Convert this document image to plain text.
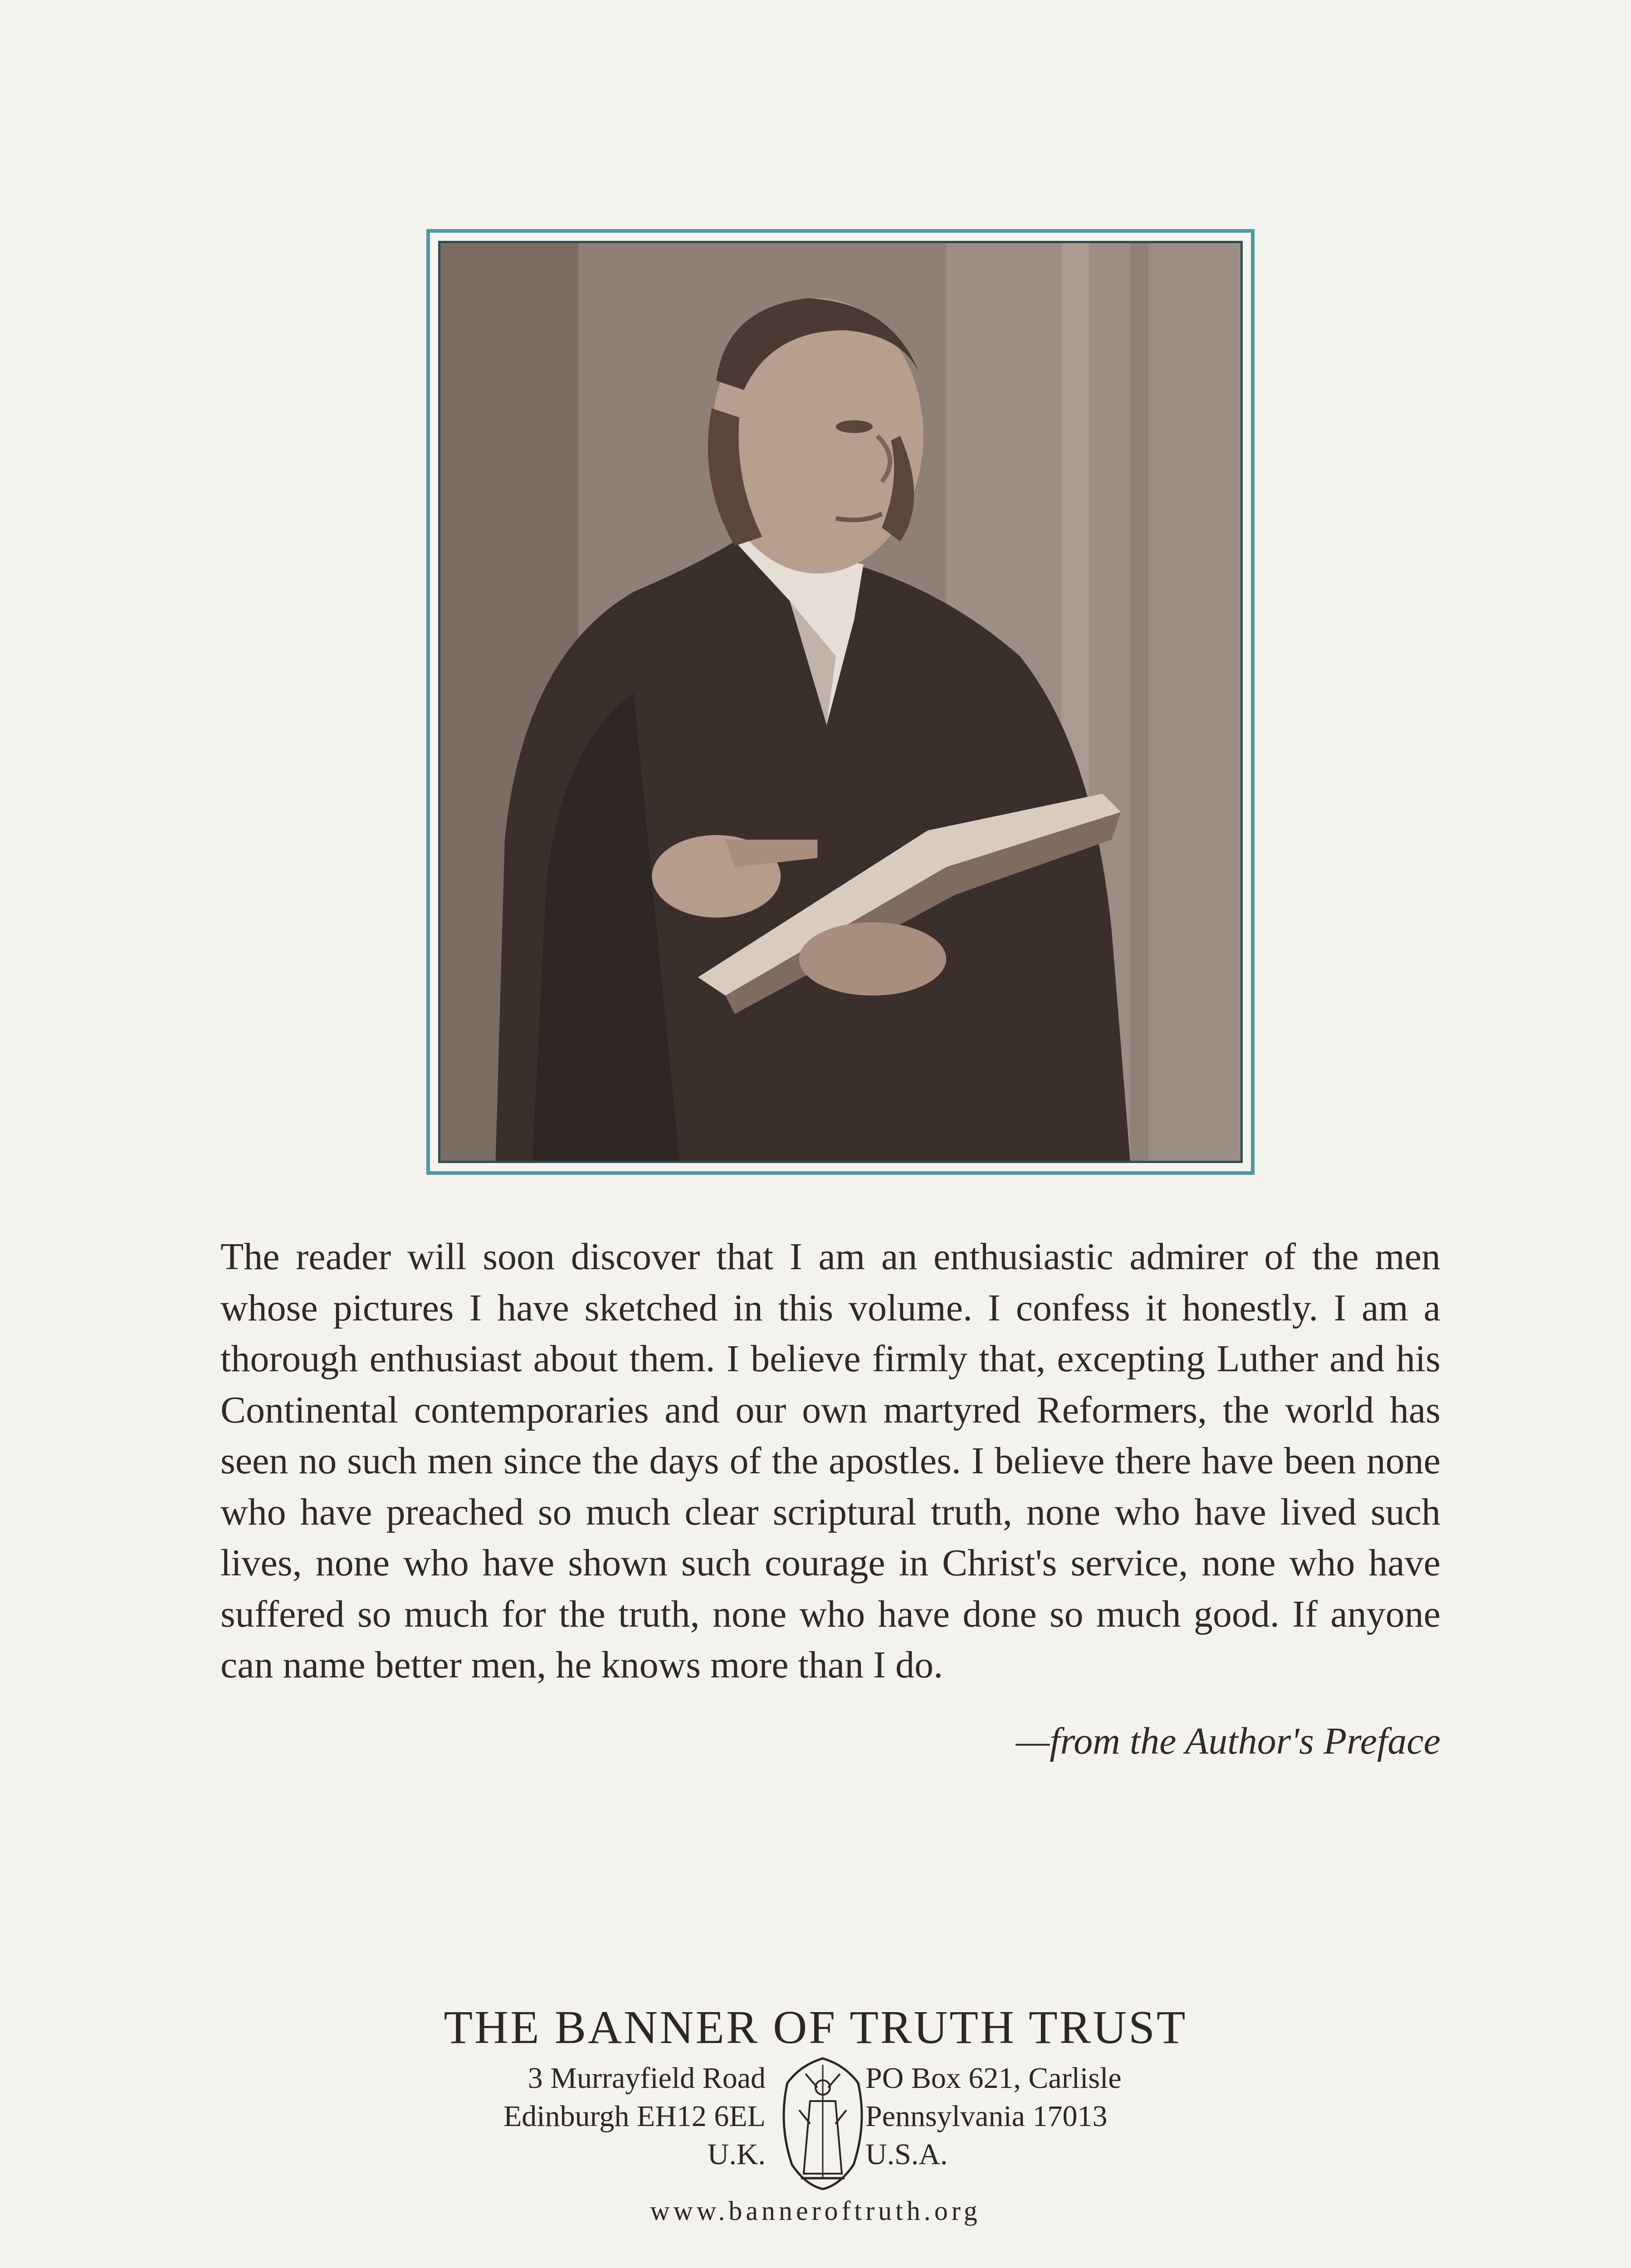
The reader will soon discover that I am an enthusiastic admirer of the men whose pictures I have sketched in this volume. I confess it honestly. I am a thorough enthusiast about them. I believe firmly that, excepting Luther and his Continental contemporaries and our own martyred Reformers, the world has seen no such men since the days of the apostles. I believe there have been none who have preached so much clear scriptural truth, none who have lived such lives, none who have shown such courage in Christ's service, none who have suffered so much for the truth, none who have done so much good. If anyone can name better men, he knows more than I do.
—from the Author's Preface
THE BANNER OF TRUTH TRUST
3 Murrayfield Road
Edinburgh EH12 6EL
U.K.
PO Box 621, Carlisle
Pennsylvania 17013
U.S.A.
www.banneroftruth.org
